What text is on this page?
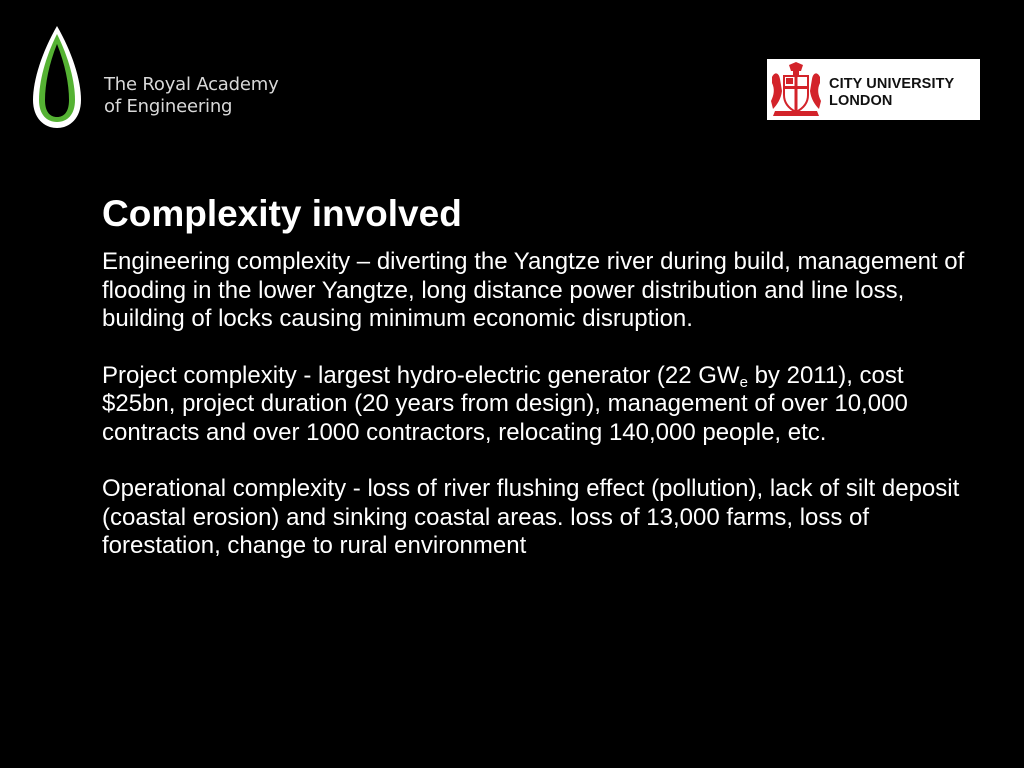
The Royal Academy
of Engineering
CITY UNIVERSITY
LONDON
Complexity involved

Engineering complexity – diverting the Yangtze river during build, management of flooding in the lower Yangtze, long distance power distribution and line loss, building of locks causing minimum economic disruption.

Project complexity - largest hydro-electric generator (22 $GW_e$ by 2011), cost $25bn, project duration (20 years from design), management of over 10,000 contracts and over 1000 contractors, relocating 140,000 people, etc.

Operational complexity - loss of river flushing effect (pollution), lack of silt deposit (coastal erosion) and sinking coastal areas. loss of 13,000 farms, loss of forestation, change to rural environment
